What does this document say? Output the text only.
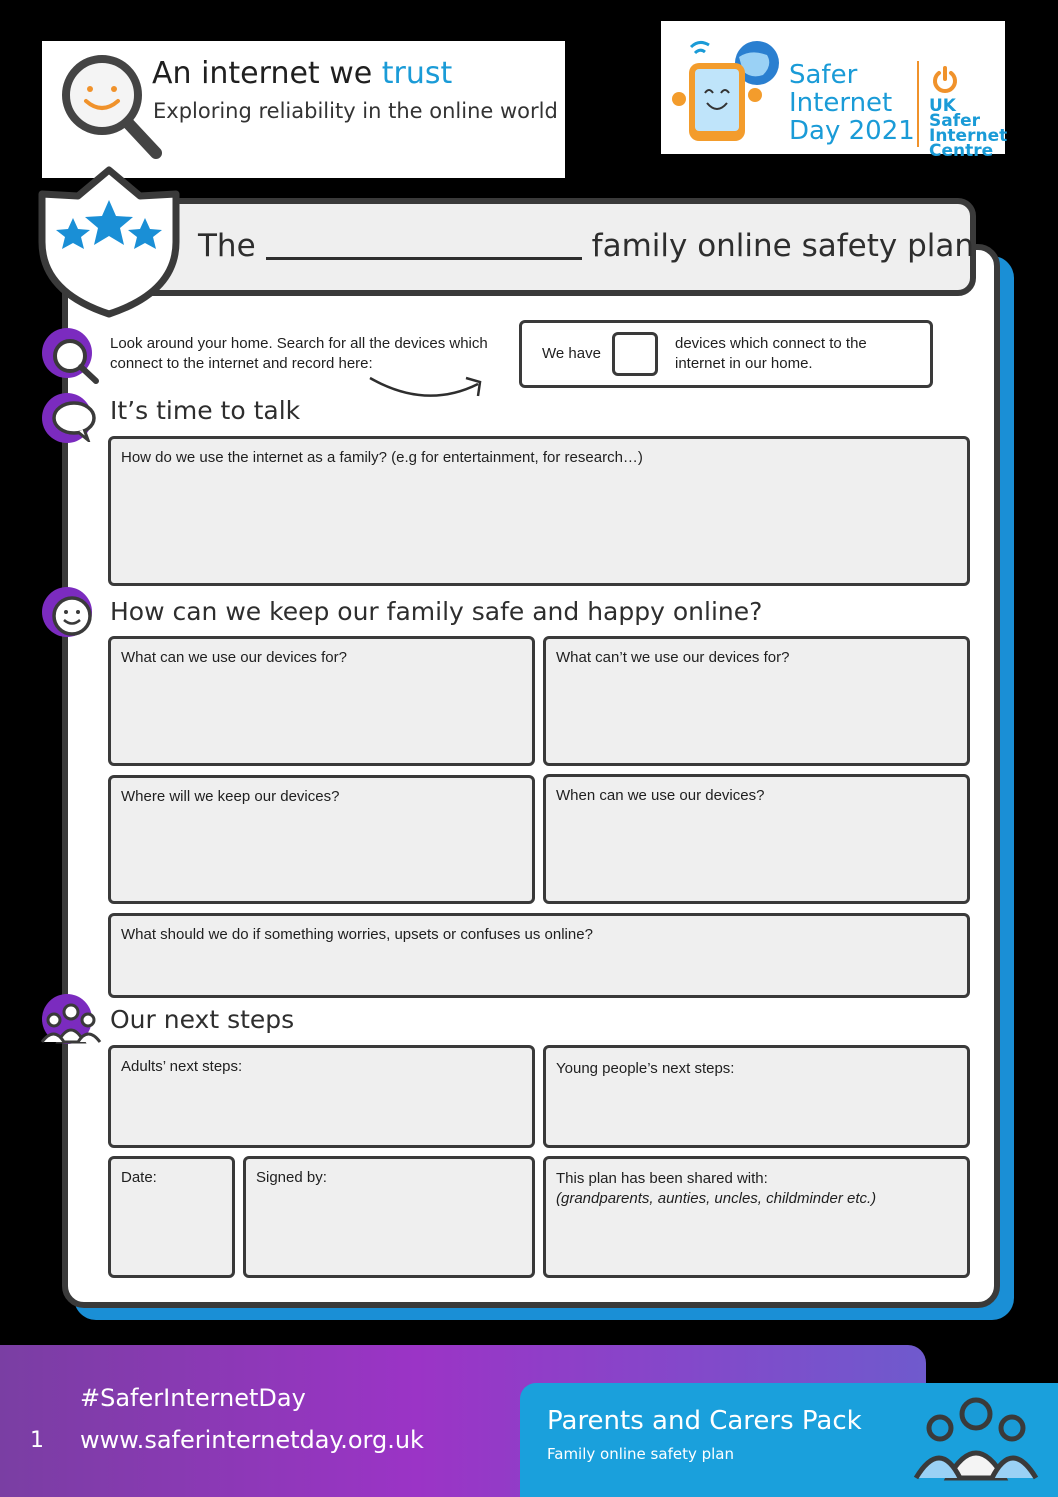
An internet we trust
Exploring reliability in the online world
Safer
Internet
Day 2021
UK Safer
Internet
Centre
The	family online safety plan
Look around your home. Search for all the devices which connect to the internet and record here:
We have
devices which connect to the internet in our home.
It’s time to talk
How do we use the internet as a family? (e.g for entertainment, for research…)
How can we keep our family safe and happy online?
What can we use our devices for?	What can’t we use our devices for?
Where will we keep our devices?	When can we use our devices?
What should we do if something worries, upsets or confuses us online?
Our next steps
Adults’ next steps:	Young people’s next steps:
Date:	Signed by:	This plan has been shared with:
(grandparents, aunties, uncles, childminder etc.)
#SaferInternetDay
1 www.saferinternetday.org.uk
Parents and Carers Pack
Family online safety plan
